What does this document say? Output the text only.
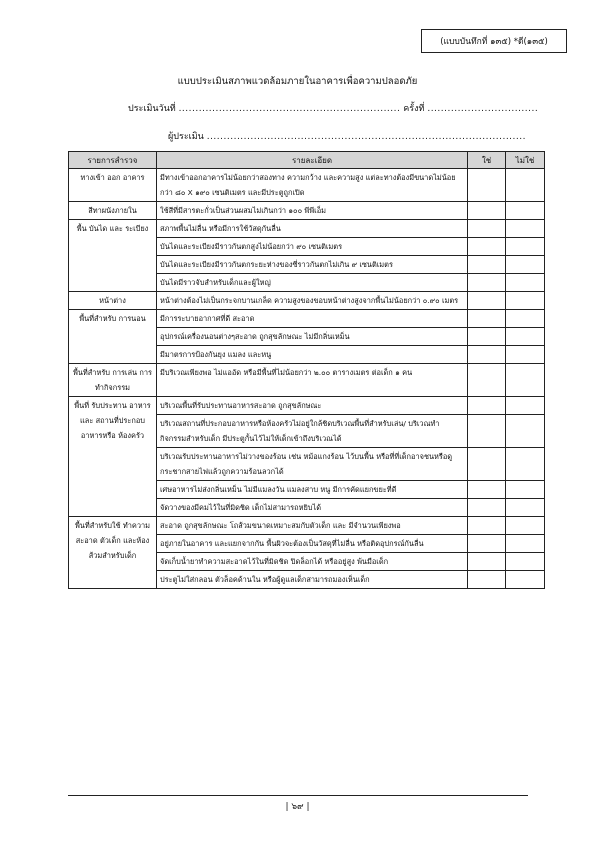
(แบบบันทึกที่ ๑๓๕) *ดี(๑๓๕)
แบบประเมินสภาพแวดล้อมภายในอาคารเพื่อความปลอดภัย
ประเมินวันที่ .................................................................. ครั้งที่ .................................
ผู้ประเมิน ...............................................................................................
รายการสำรวจ	รายละเอียด	ใช่	ไม่ใช่
ทางเข้า ออก อาคาร	มีทางเข้าออกอาคารไม่น้อยกว่าสองทาง ความกว้าง และความสูง แต่ละทางต้องมีขนาดไม่น้อยกว่า ๘๐ X ๑๙๐ เซนติเมตร และมีประตูถูกเปิด		
สีทาผนังภายใน	ใช้สีที่มีสารตะกั่วเป็นส่วนผสมไม่เกินกว่า ๑๐๐ พีพีเอ็ม		
พื้น บันได และ ระเบียง	สภาพพื้นไม่ลื่น หรือมีการใช้วัสดุกันลื่น		
	บันไดและระเบียงมีราวกันตกสูงไม่น้อยกว่า ๙๐ เซนติเมตร		
	บันไดและระเบียงมีราวกันตกระยะห่างของซี่ราวกันตกไม่เกิน ๙ เซนติเมตร		
	บันไดมีราวจับสำหรับเด็กและผู้ใหญ่		
หน้าต่าง	หน้าต่างต้องไม่เป็นกระจกบานเกล็ด ความสูงของขอบหน้าต่างสูงจากพื้นไม่น้อยกว่า ๐.๙๐ เมตร		
พื้นที่สำหรับ การนอน	มีการระบายอากาศที่ดี สะอาด		
	อุปกรณ์เครื่องนอนต่างๆสะอาด ถูกสุขลักษณะ ไม่มีกลิ่นเหม็น		
	มีมาตรการป้องกันยุง แมลง และหนู		
พื้นที่สำหรับ การเล่น การทำกิจกรรม	มีบริเวณเพียงพอ ไม่แออัด หรือมีพื้นที่ไม่น้อยกว่า ๒.๐๐ ตารางเมตร ต่อเด็ก ๑ คน		
พื้นที่ รับประทาน อาหาร และ สถานที่ประกอบ อาหารหรือ ห้องครัว	บริเวณพื้นที่รับประทานอาหารสะอาด ถูกสุขลักษณะ		
	บริเวณสถานที่ประกอบอาหารหรือห้องครัวไม่อยู่ใกล้ชิดบริเวณพื้นที่สำหรับเล่น/ บริเวณทำกิจกรรมสำหรับเด็ก มีประตูกั้นไว้ไม่ให้เด็กเข้าถึงบริเวณได้		
	บริเวณรับประทานอาหารไม่วางของร้อน เช่น หม้อแกงร้อน ไว้บนพื้น หรือที่ที่เด็กอาจชนหรือดูกระชากสายไฟแล้วถูกความร้อนลวกได้		
	เศษอาหารไม่ส่งกลิ่นเหม็น ไม่มีแมลงวัน แมลงสาบ หนู มีการคัดแยกขยะที่ดี		
	จัดวางของมีคมไว้ในที่มิดชิด เด็กไม่สามารถหยิบได้		
พื้นที่สำหรับใช้ ทำความสะอาด ตัวเด็ก และห้อง ส้วมสำหรับเด็ก	สะอาด ถูกสุขลักษณะ โถส้วมขนาดเหมาะสมกับตัวเด็ก และ มีจำนวนเพียงพอ		
	อยู่ภายในอาคาร และแยกจากกัน พื้นผิวจะต้องเป็นวัสดุที่ไม่ลื่น หรือติดอุปกรณ์กันลื่น		
	จัดเก็บน้ำยาทำความสะอาดไว้ในที่มิดชิด ปิดล็อกได้ หรืออยู่สูง พ้นมือเด็ก		
	ประตูไม่ใส่กลอน ตัวล็อคด้านใน หรือผู้ดูแลเด็กสามารถมองเห็นเด็ก		
| ๖๙ |
